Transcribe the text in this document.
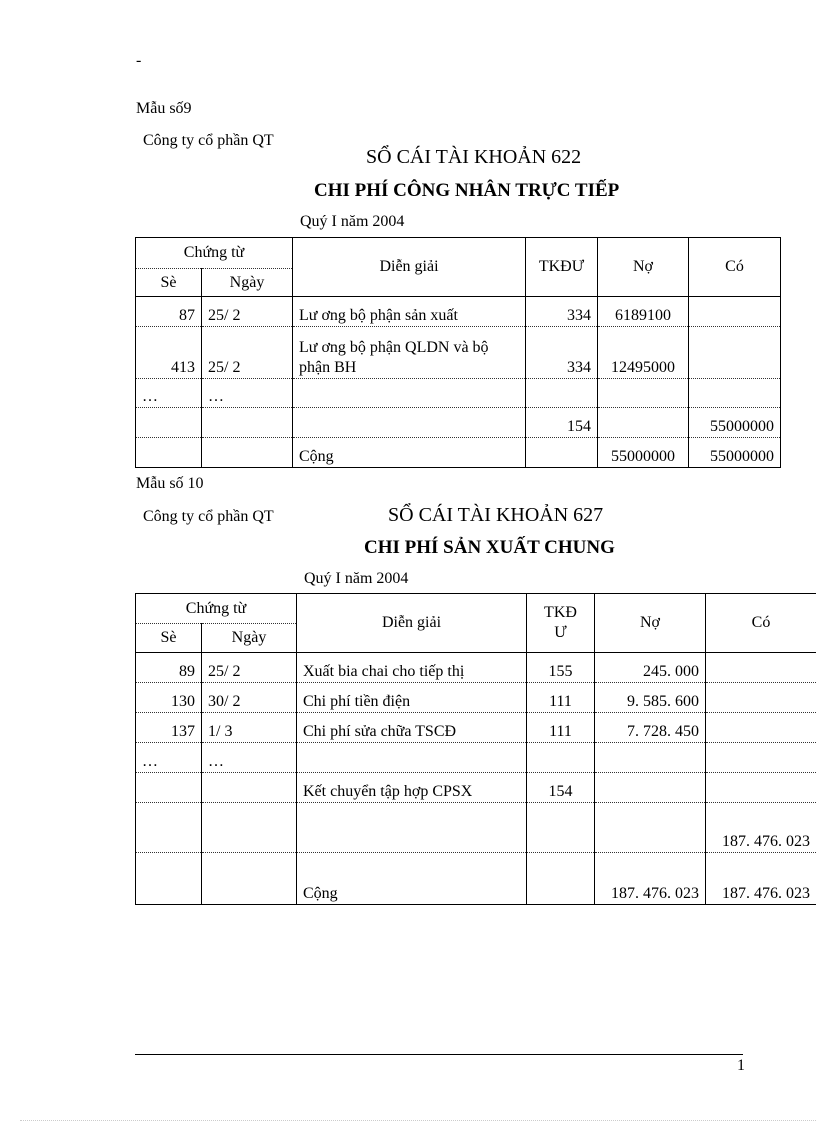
-
Mẫu số9
Công ty cổ phần QT
SỔ CÁI TÀI KHOẢN 622
CHI PHÍ CÔNG NHÂN TRỰC TIẾP
Quý I năm 2004
Chứng từ		Diễn giải	TKĐƯ	Nợ	Có
Sè	Ngày				
87	25/ 2	Lư ơng bộ phận sản xuất	334	6189100	
413	25/ 2	Lư ơng bộ phận QLDN và bộ phận BH	334	12495000	
…	…				
			154		55000000
		Cộng		55000000	55000000
Mẫu số 10
Công ty cổ phần QT	SỔ CÁI TÀI KHOẢN 627
CHI PHÍ SẢN XUẤT CHUNG
Quý I năm 2004
Chứng từ		Diễn giải	TKĐƯ	Nợ	Có
Sè	Ngày				
89	25/ 2	Xuất bia chai cho tiếp thị	155	245. 000	
130	30/ 2	Chi phí tiền điện	111	9. 585. 600	
137	1/ 3	Chi phí sửa chữa TSCĐ	111	7. 728. 450	
…	…				
		Kết chuyển tập hợp CPSX	154		
					187. 476. 023
		Cộng		187. 476. 023	187. 476. 023
1
